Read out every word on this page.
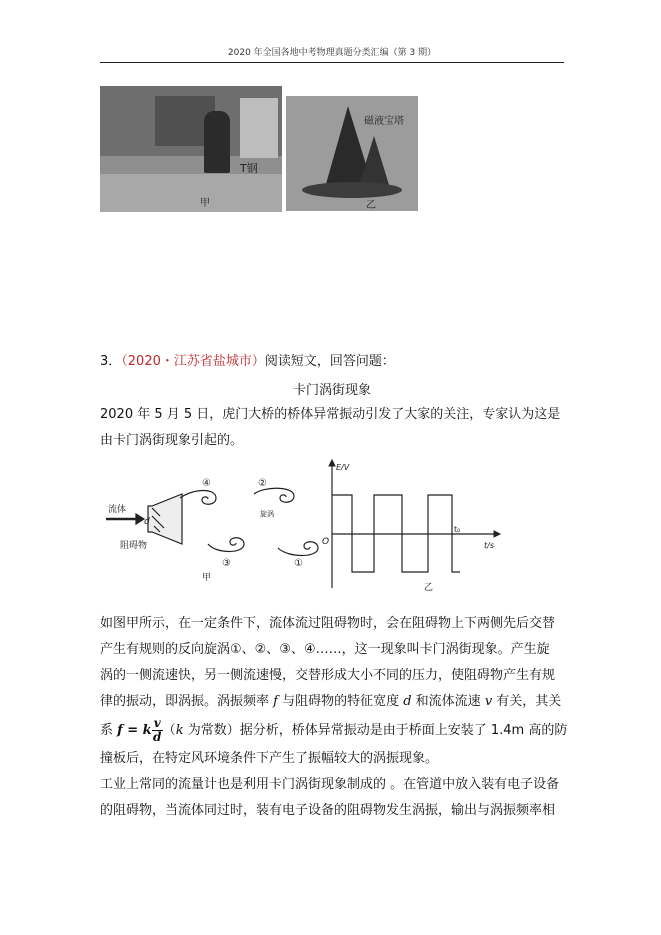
2020 年全国各地中考物理真题分类汇编（第 3 期）
T钢
甲
磁液宝塔
乙
3．（2020・江苏省盐城市）阅读短文，回答问题：
卡门涡街现象
2020 年 5 月 5 日，虎门大桥的桥体异常振动引发了大家的关注，专家认为这是
由卡门涡街现象引起的。
流体
d
阻碍物
④	②
旋涡
③	①
甲
E/V
O
t₀
t/s
乙
如图甲所示，在一定条件下，流体流过阻碍物时，会在阻碍物上下两侧先后交替
产生有规则的反向旋涡①、②、③、④……，这一现象叫卡门涡街现象。产生旋
涡的一侧流速快，另一侧流速慢，交替形成大小不同的压力，使阻碍物产生有规
律的振动，即涡振。涡振频率 f 与阻碍物的特征宽度 d 和流体流速 v 有关，其关
系 f = k $\frac{v}{d} (k$ 为常数）据分析，桥体异常振动是由于桥面上安装了 1.4m 高的防
撞板后，在特定风环境条件下产生了振幅较大的涡振现象。
工业上常同的流量计也是利用卡门涡街现象制成的 。在管道中放入装有电子设备
的阻碍物，当流体同过时，装有电子设备的阻碍物发生涡振，输出与涡振频率相
